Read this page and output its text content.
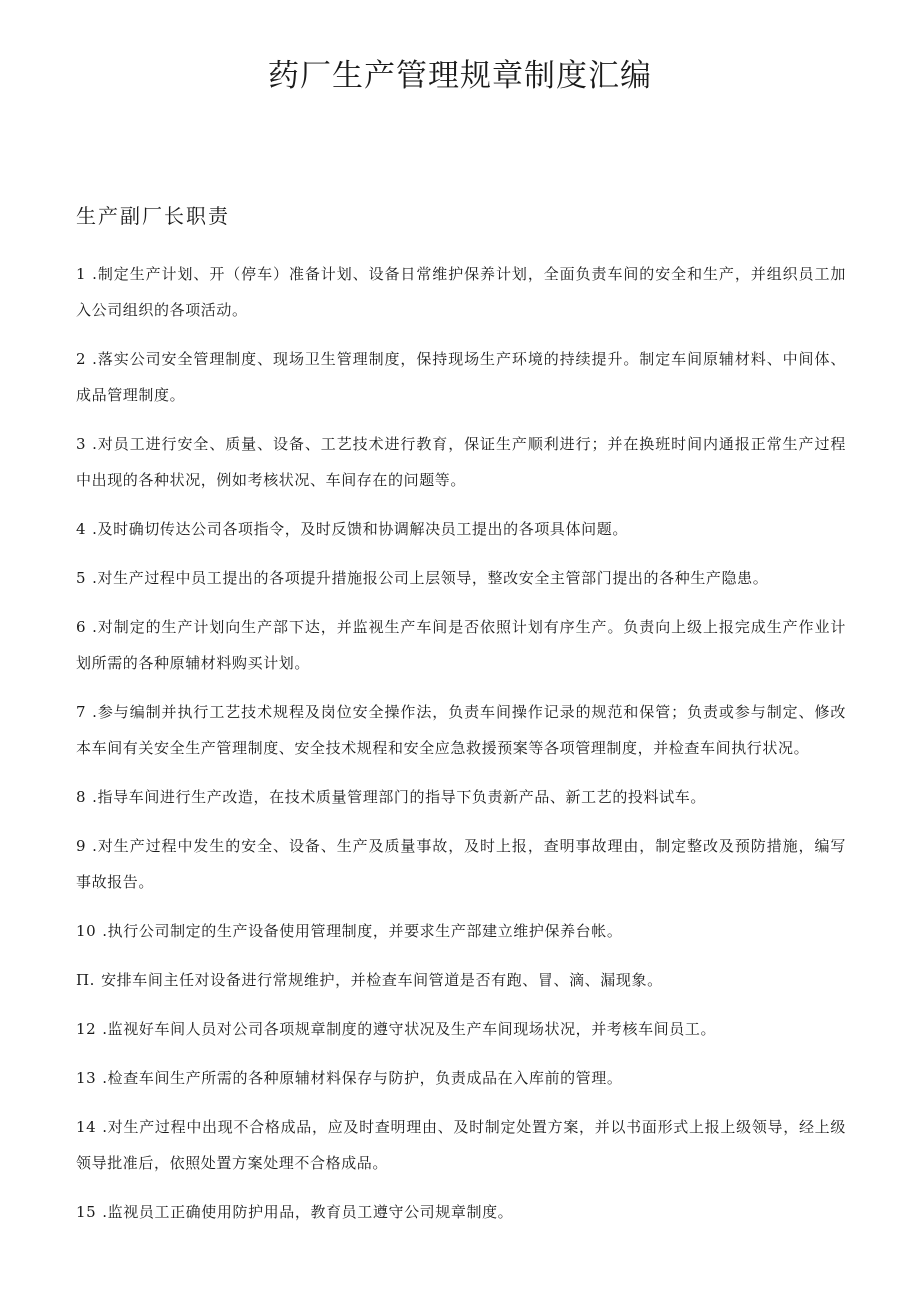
药厂生产管理规章制度汇编
生产副厂长职责
1 .制定生产计划、开（停车）准备计划、设备日常维护保养计划，全面负责车间的安全和生产，并组织员工加入公司组织的各项活动。
2 .落实公司安全管理制度、现场卫生管理制度，保持现场生产环境的持续提升。制定车间原辅材料、中间体、成品管理制度。
3 .对员工进行安全、质量、设备、工艺技术进行教育，保证生产顺利进行；并在换班时间内通报正常生产过程中出现的各种状况，例如考核状况、车间存在的问题等。
4 .及时确切传达公司各项指令，及时反馈和协调解决员工提出的各项具体问题。
5 .对生产过程中员工提出的各项提升措施报公司上层领导，整改安全主管部门提出的各种生产隐患。
6 .对制定的生产计划向生产部下达，并监视生产车间是否依照计划有序生产。负责向上级上报完成生产作业计划所需的各种原辅材料购买计划。
7 .参与编制并执行工艺技术规程及岗位安全操作法，负责车间操作记录的规范和保管；负责或参与制定、修改本车间有关安全生产管理制度、安全技术规程和安全应急救援预案等各项管理制度，并检查车间执行状况。
8 .指导车间进行生产改造，在技术质量管理部门的指导下负责新产品、新工艺的投料试车。
9 .对生产过程中发生的安全、设备、生产及质量事故，及时上报，查明事故理由，制定整改及预防措施，编写事故报告。
10 .执行公司制定的生产设备使用管理制度，并要求生产部建立维护保养台帐。
Π. 安排车间主任对设备进行常规维护，并检查车间管道是否有跑、冒、滴、漏现象。
12 .监视好车间人员对公司各项规章制度的遵守状况及生产车间现场状况，并考核车间员工。
13 .检查车间生产所需的各种原辅材料保存与防护，负责成品在入库前的管理。
14 .对生产过程中出现不合格成品，应及时查明理由、及时制定处置方案，并以书面形式上报上级领导，经上级领导批准后，依照处置方案处理不合格成品。
15 .监视员工正确使用防护用品，教育员工遵守公司规章制度。
